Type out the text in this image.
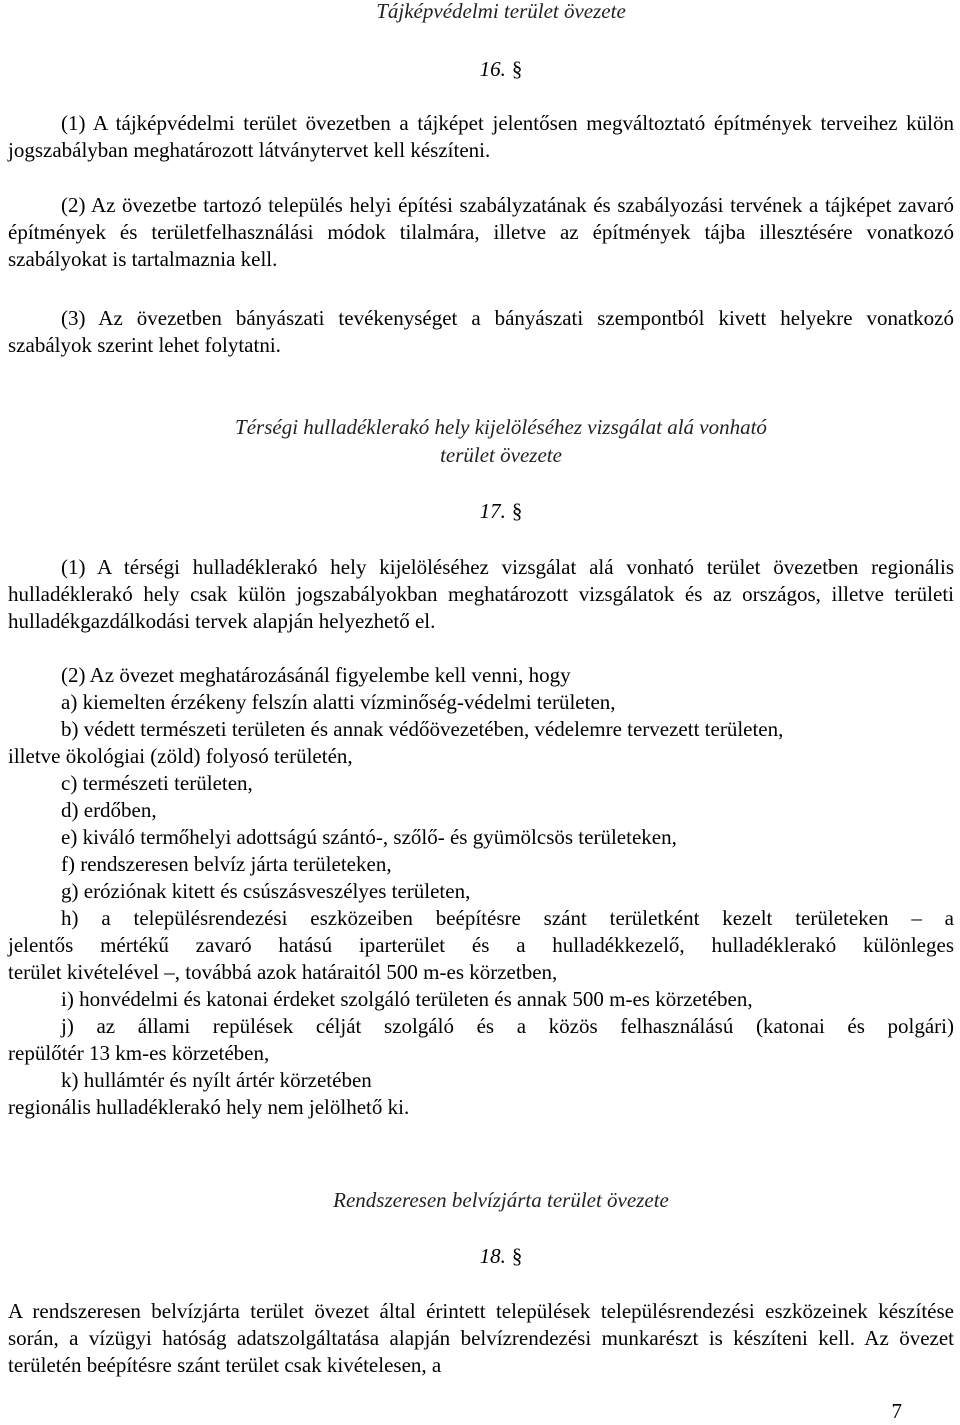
Tájképvédelmi terület övezete
16. §

(1) A tájképvédelmi terület övezetben a tájképet jelentősen megváltoztató építmények terveihez külön jogszabályban meghatározott látványtervet kell készíteni.

(2) Az övezetbe tartozó település helyi építési szabályzatának és szabályozási tervének a tájképet zavaró építmények és területfelhasználási módok tilalmára, illetve az építmények tájba illesztésére vonatkozó szabályokat is tartalmaznia kell.

(3) Az övezetben bányászati tevékenységet a bányászati szempontból kivett helyekre vonatkozó szabályok szerint lehet folytatni.

Térségi hulladéklerakó hely kijelöléséhez vizsgálat alá vonható
terület övezete
17. §

(1) A térségi hulladéklerakó hely kijelöléséhez vizsgálat alá vonható terület övezetben regionális hulladéklerakó hely csak külön jogszabályokban meghatározott vizsgálatok és az országos, illetve területi hulladékgazdálkodási tervek alapján helyezhető el.

(2) Az övezet meghatározásánál figyelembe kell venni, hogy
a) kiemelten érzékeny felszín alatti vízminőség-védelmi területen,
b) védett természeti területen és annak védőövezetében, védelemre tervezett területen,
illetve ökológiai (zöld) folyosó területén,
c) természeti területen,
d) erdőben,
e) kiváló termőhelyi adottságú szántó-, szőlő- és gyümölcsös területeken,
f) rendszeresen belvíz járta területeken,
g) eróziónak kitett és csúszásveszélyes területen,
h) a településrendezési eszközeiben beépítésre szánt területként kezelt területeken – a
jelentős mértékű zavaró hatású iparterület és a hulladékkezelő, hulladéklerakó különleges
terület kivételével –, továbbá azok határaitól 500 m-es körzetben,
i) honvédelmi és katonai érdeket szolgáló területen és annak 500 m-es körzetében,
j) az állami repülések célját szolgáló és a közös felhasználású (katonai és polgári)
repülőtér 13 km-es körzetében,
k) hullámtér és nyílt ártér körzetében
regionális hulladéklerakó hely nem jelölhető ki.
Rendszeresen belvízjárta terület övezete
18. §

A rendszeresen belvízjárta terület övezet által érintett települések településrendezési eszközeinek készítése során, a vízügyi hatóság adatszolgáltatása alapján belvízrendezési munkarészt is készíteni kell. Az övezet területén beépítésre szánt terület csak kivételesen, a

7
